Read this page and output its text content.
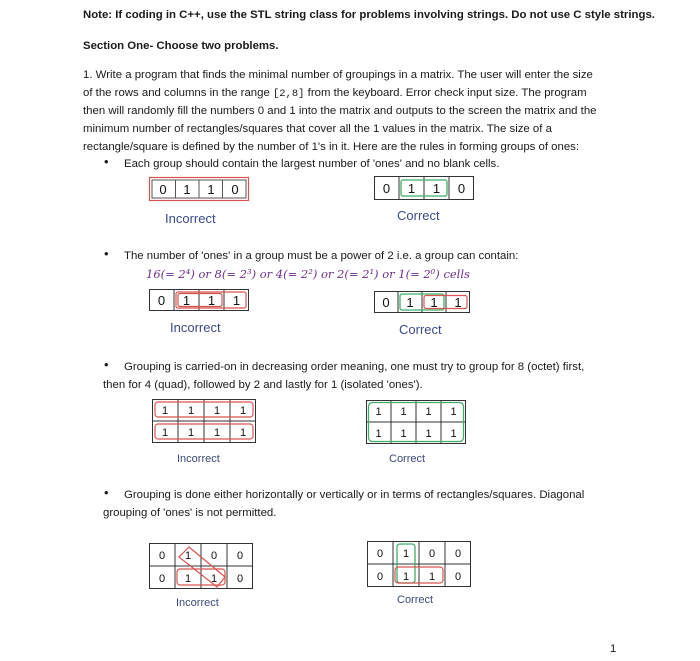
Note: If coding in C++, use the STL string class for problems involving strings. Do not use C style strings.
Section One- Choose two problems.
1. Write a program that finds the minimal number of groupings in a matrix. The user will enter the size
of the rows and columns in the range [2,8] from the keyboard. Error check input size. The program
then will randomly fill the numbers 0 and 1 into the matrix and outputs to the screen the matrix and the
minimum number of rectangles/squares that cover all the 1 values in the matrix. The size of a
rectangle/square is defined by the number of 1's in it. Here are the rules in forming groups of ones:
• Each group should contain the largest number of 'ones' and no blank cells.
0 1 1 0
Incorrect
0 1 1 0
Correct
• The number of 'ones' in a group must be a power of 2 i.e. a group can contain:
16(= 2⁴) or 8(= 2³) or 4(= 2²) or 2(= 2¹) or 1(= 2⁰) cells
0 1 1 1
Incorrect
0 1 1 1
Correct
• Grouping is carried-on in decreasing order meaning, one must try to group for 8 (octet) first,
then for 4 (quad), followed by 2 and lastly for 1 (isolated 'ones').
1 1 1 1
1 1 1 1
Incorrect
1 1 1 1
1 1 1 1
Correct
• Grouping is done either horizontally or vertically or in terms of rectangles/squares. Diagonal
grouping of 'ones' is not permitted.
0 1 0 0
0 1 1 0
Incorrect
0 1 0 0
0 1 1 0
Correct
1
